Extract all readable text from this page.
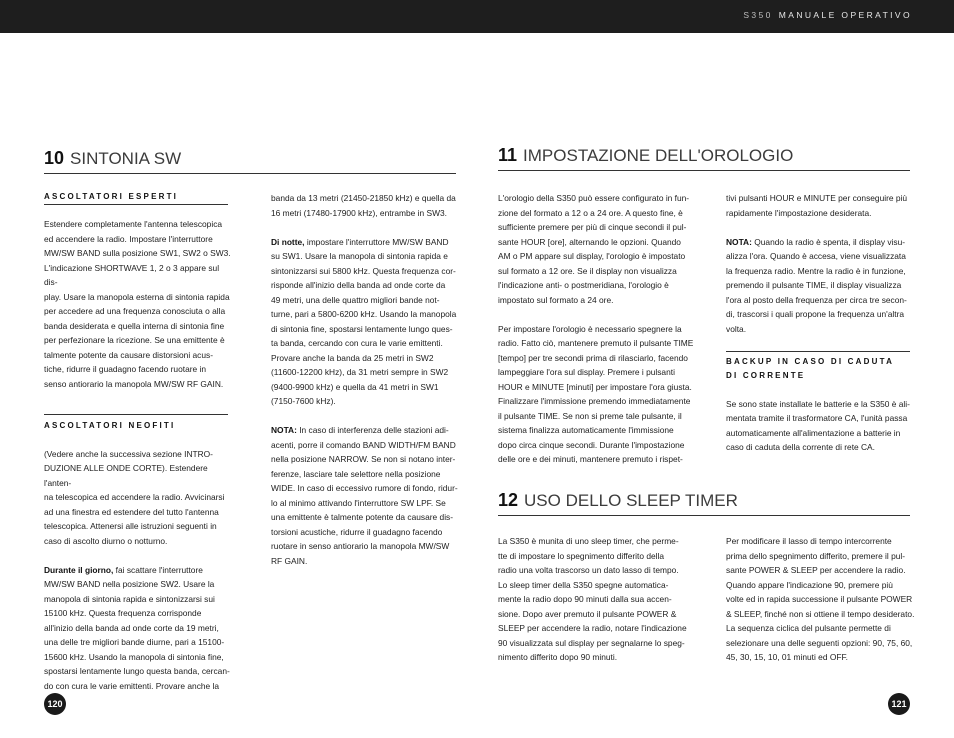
S350 MANUALE OPERATIVO
10 SINTONIA SW
ASCOLTATORI ESPERTI

Estendere completamente l'antenna telescopica
ed accendere la radio. Impostare l'interruttore
MW/SW BAND sulla posizione SW1, SW2 o SW3.
L'indicazione SHORTWAVE 1, 2 o 3 appare sul dis-
play. Usare la manopola esterna di sintonia rapida
per accedere ad una frequenza conosciuta o alla
banda desiderata e quella interna di sintonia fine
per perfezionare la ricezione. Se una emittente è
talmente potente da causare distorsioni acus-
tiche, ridurre il guadagno facendo ruotare in
senso antiorario la manopola MW/SW RF GAIN.

ASCOLTATORI NEOFITI

(Vedere anche la successiva sezione INTRO-
DUZIONE ALLE ONDE CORTE). Estendere l'anten-
na telescopica ed accendere la radio. Avvicinarsi
ad una finestra ed estendere del tutto l'antenna
telescopica. Attenersi alle istruzioni seguenti in
caso di ascolto diurno o notturno.

Durante il giorno, fai scattare l'interruttore
MW/SW BAND nella posizione SW2. Usare la
manopola di sintonia rapida e sintonizzarsi sui
15100 kHz. Questa frequenza corrisponde
all'inizio della banda ad onde corte da 19 metri,
una delle tre migliori bande diurne, pari a 15100-
15600 kHz. Usando la manopola di sintonia fine,
spostarsi lentamente lungo questa banda, cercan-
do con cura le varie emittenti. Provare anche la

banda da 13 metri (21450-21850 kHz) e quella da
16 metri (17480-17900 kHz), entrambe in SW3.

Di notte, impostare l'interruttore MW/SW BAND
su SW1. Usare la manopola di sintonia rapida e
sintonizzarsi sui 5800 kHz. Questa frequenza cor-
risponde all'inizio della banda ad onde corte da
49 metri, una delle quattro migliori bande not-
turne, pari a 5800-6200 kHz. Usando la manopola
di sintonia fine, spostarsi lentamente lungo ques-
ta banda, cercando con cura le varie emittenti.
Provare anche la banda da 25 metri in SW2
(11600-12200 kHz), da 31 metri sempre in SW2
(9400-9900 kHz) e quella da 41 metri in SW1
(7150-7600 kHz).

NOTA: In caso di interferenza delle stazioni adi-
acenti, porre il comando BAND WIDTH/FM BAND
nella posizione NARROW. Se non si notano inter-
ferenze, lasciare tale selettore nella posizione
WIDE. In caso di eccessivo rumore di fondo, ridur-
lo al minimo attivando l'interruttore SW LPF. Se
una emittente è talmente potente da causare dis-
torsioni acustiche, ridurre il guadagno facendo
ruotare in senso antiorario la manopola MW/SW
RF GAIN.

11 IMPOSTAZIONE DELL'OROLOGIO

L'orologio della S350 può essere configurato in fun-
zione del formato a 12 o a 24 ore. A questo fine, è
sufficiente premere per più di cinque secondi il pul-
sante HOUR [ore], alternando le opzioni. Quando
AM o PM appare sul display, l'orologio è impostato
sul formato a 12 ore. Se il display non visualizza
l'indicazione anti- o postmeridiana, l'orologio è
impostato sul formato a 24 ore.

Per impostare l'orologio è necessario spegnere la
radio. Fatto ciò, mantenere premuto il pulsante TIME
[tempo] per tre secondi prima di rilasciarlo, facendo
lampeggiare l'ora sul display. Premere i pulsanti
HOUR e MINUTE [minuti] per impostare l'ora giusta.
Finalizzare l'immissione premendo immediatamente
il pulsante TIME. Se non si preme tale pulsante, il
sistema finalizza automaticamente l'immissione
dopo circa cinque secondi. Durante l'impostazione
delle ore e dei minuti, mantenere premuto i rispet-

tivi pulsanti HOUR e MINUTE per conseguire più
rapidamente l'impostazione desiderata.

NOTA: Quando la radio è spenta, il display visu-
alizza l'ora. Quando è accesa, viene visualizzata
la frequenza radio. Mentre la radio è in funzione,
premendo il pulsante TIME, il display visualizza
l'ora al posto della frequenza per circa tre secon-
di, trascorsi i quali propone la frequenza un'altra
volta.

BACKUP IN CASO DI CADUTA
DI CORRENTE

Se sono state installate le batterie e la S350 è ali-
mentata tramite il trasformatore CA, l'unità passa
automaticamente all'alimentazione a batterie in
caso di caduta della corrente di rete CA.

12 USO DELLO SLEEP TIMER

La S350 è munita di uno sleep timer, che perme-
tte di impostare lo spegnimento differito della
radio una volta trascorso un dato lasso di tempo.
Lo sleep timer della S350 spegne automatica-
mente la radio dopo 90 minuti dalla sua accen-
sione. Dopo aver premuto il pulsante POWER &
SLEEP per accendere la radio, notare l'indicazione
90 visualizzata sul display per segnalarne lo speg-
nimento differito dopo 90 minuti.

Per modificare il lasso di tempo intercorrente
prima dello spegnimento differito, premere il pul-
sante POWER & SLEEP per accendere la radio.
Quando appare l'indicazione 90, premere più
volte ed in rapida successione il pulsante POWER
& SLEEP, finché non si ottiene il tempo desiderato.
La sequenza ciclica del pulsante permette di
selezionare una delle seguenti opzioni: 90, 75, 60,
45, 30, 15, 10, 01 minuti ed OFF.

120	121
